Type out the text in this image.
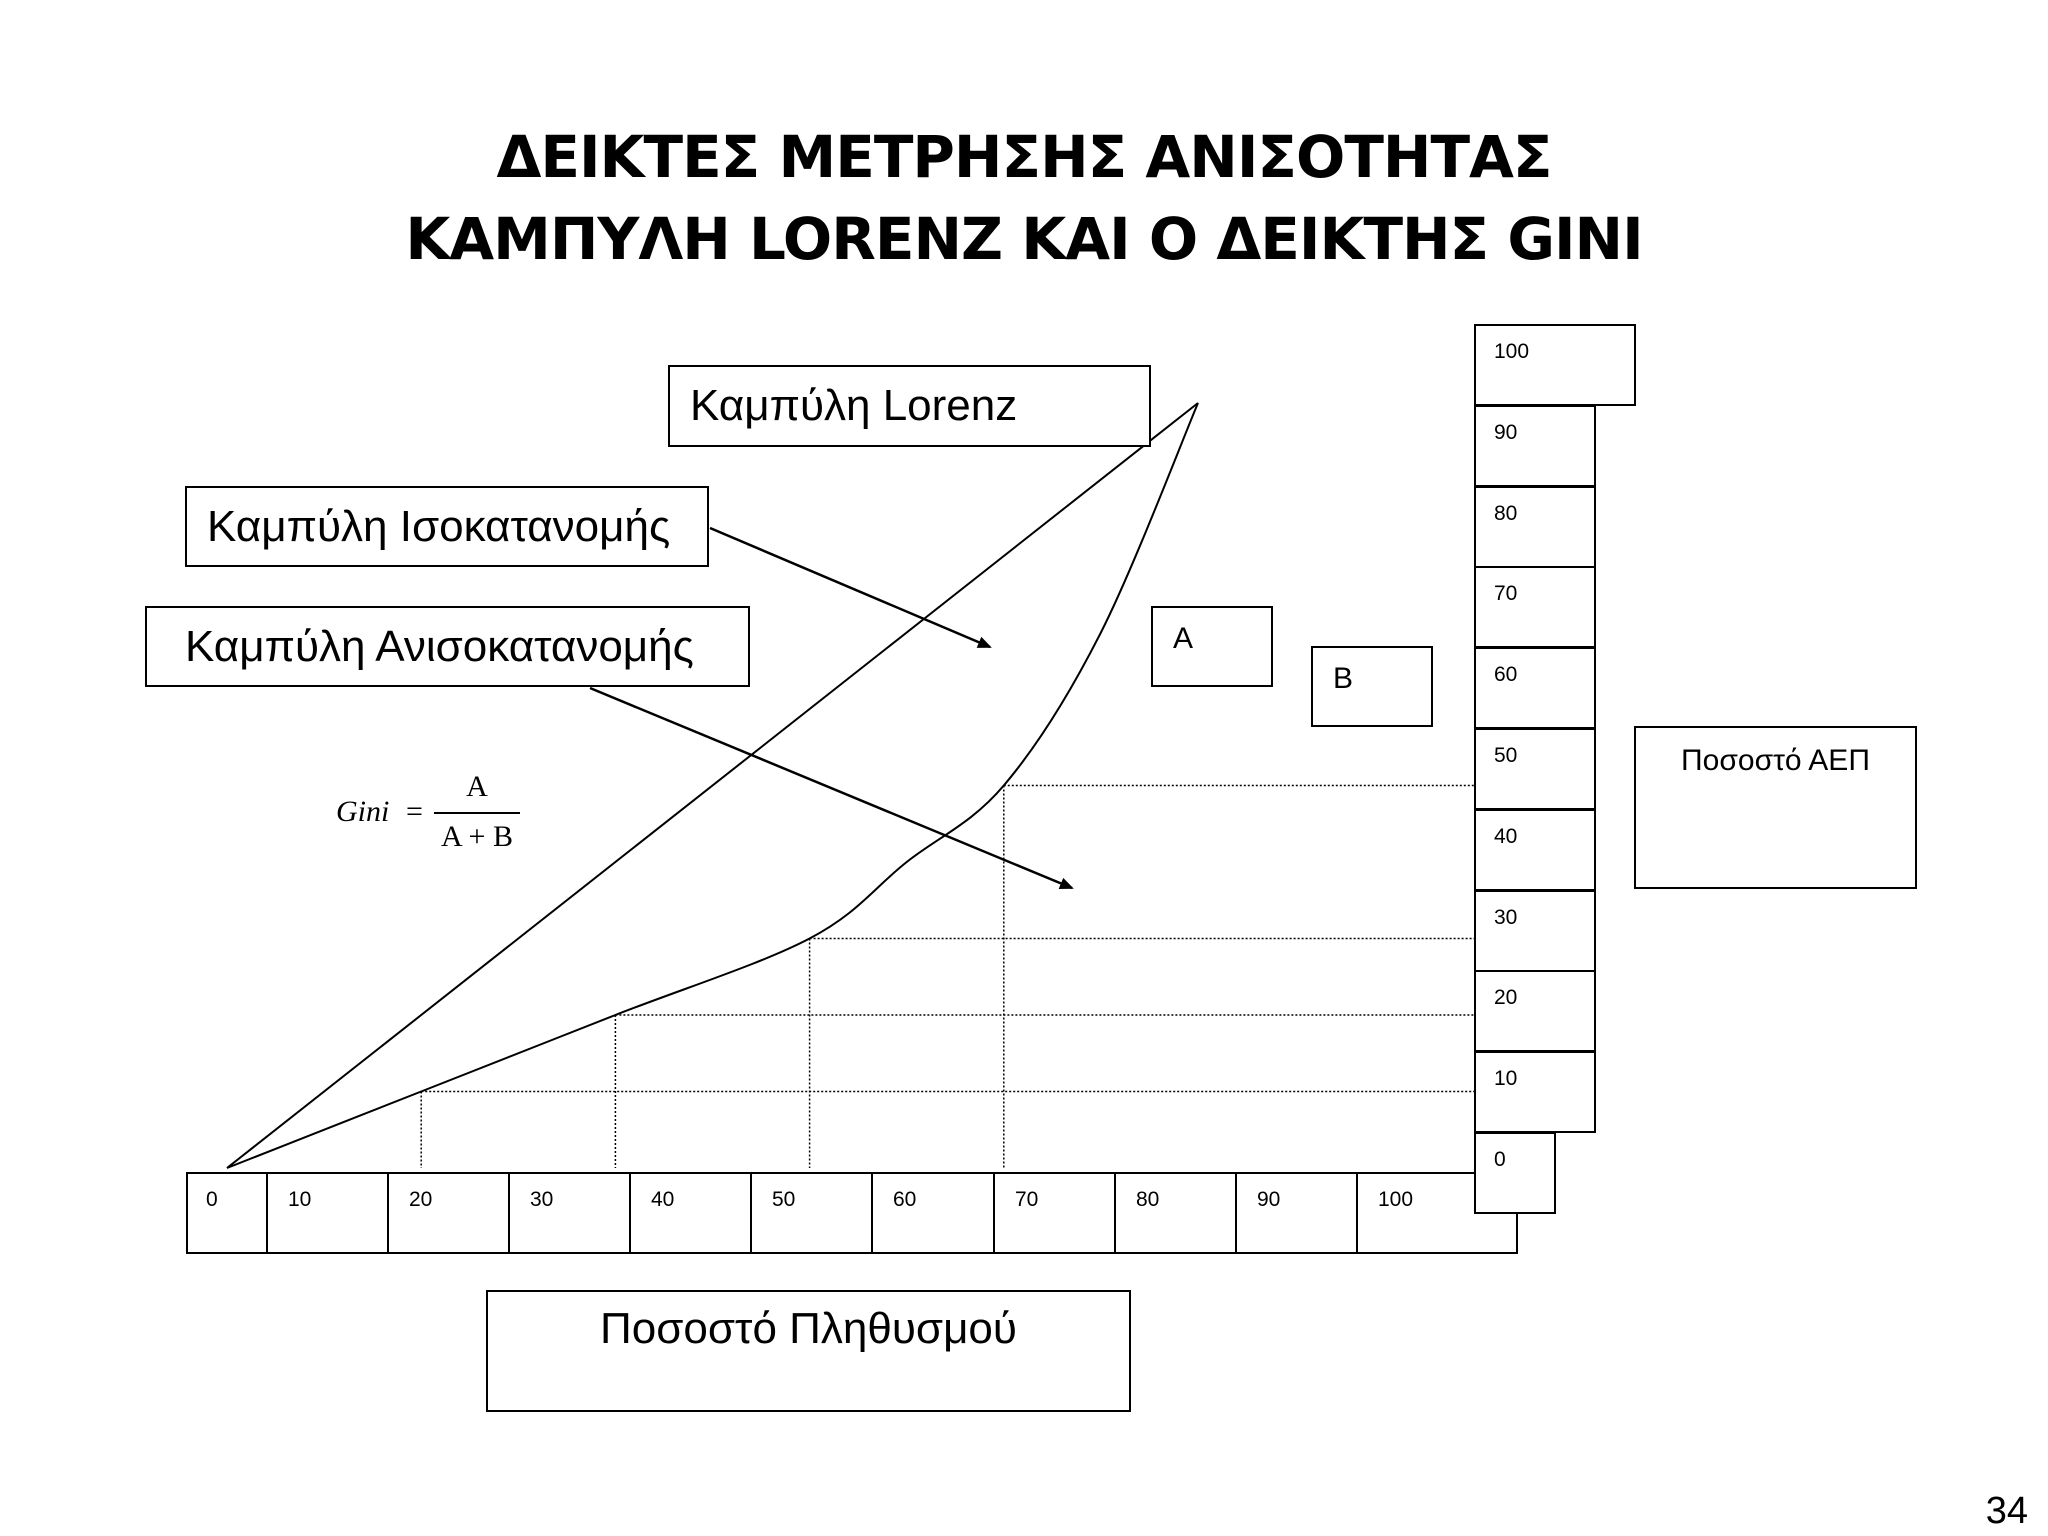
ΔΕΙΚΤΕΣ ΜΕΤΡΗΣΗΣ ΑΝΙΣΟΤΗΤΑΣ
ΚΑΜΠΥΛΗ LORENZ ΚΑΙ Ο ΔΕΙΚΤΗΣ GINI
Καμπύλη Lorenz
Καμπύλη Ισοκατανομής
Καμπύλη Ανισοκατανομής	A
B
Ποσοστό ΑΕΠ
Ποσοστό Πληθυσμού
Gini =
A
A + B
0	10	20	30	40	50	60	70	80	90	100
100
90
80
70
60
50
40
30
20
10
0
34
